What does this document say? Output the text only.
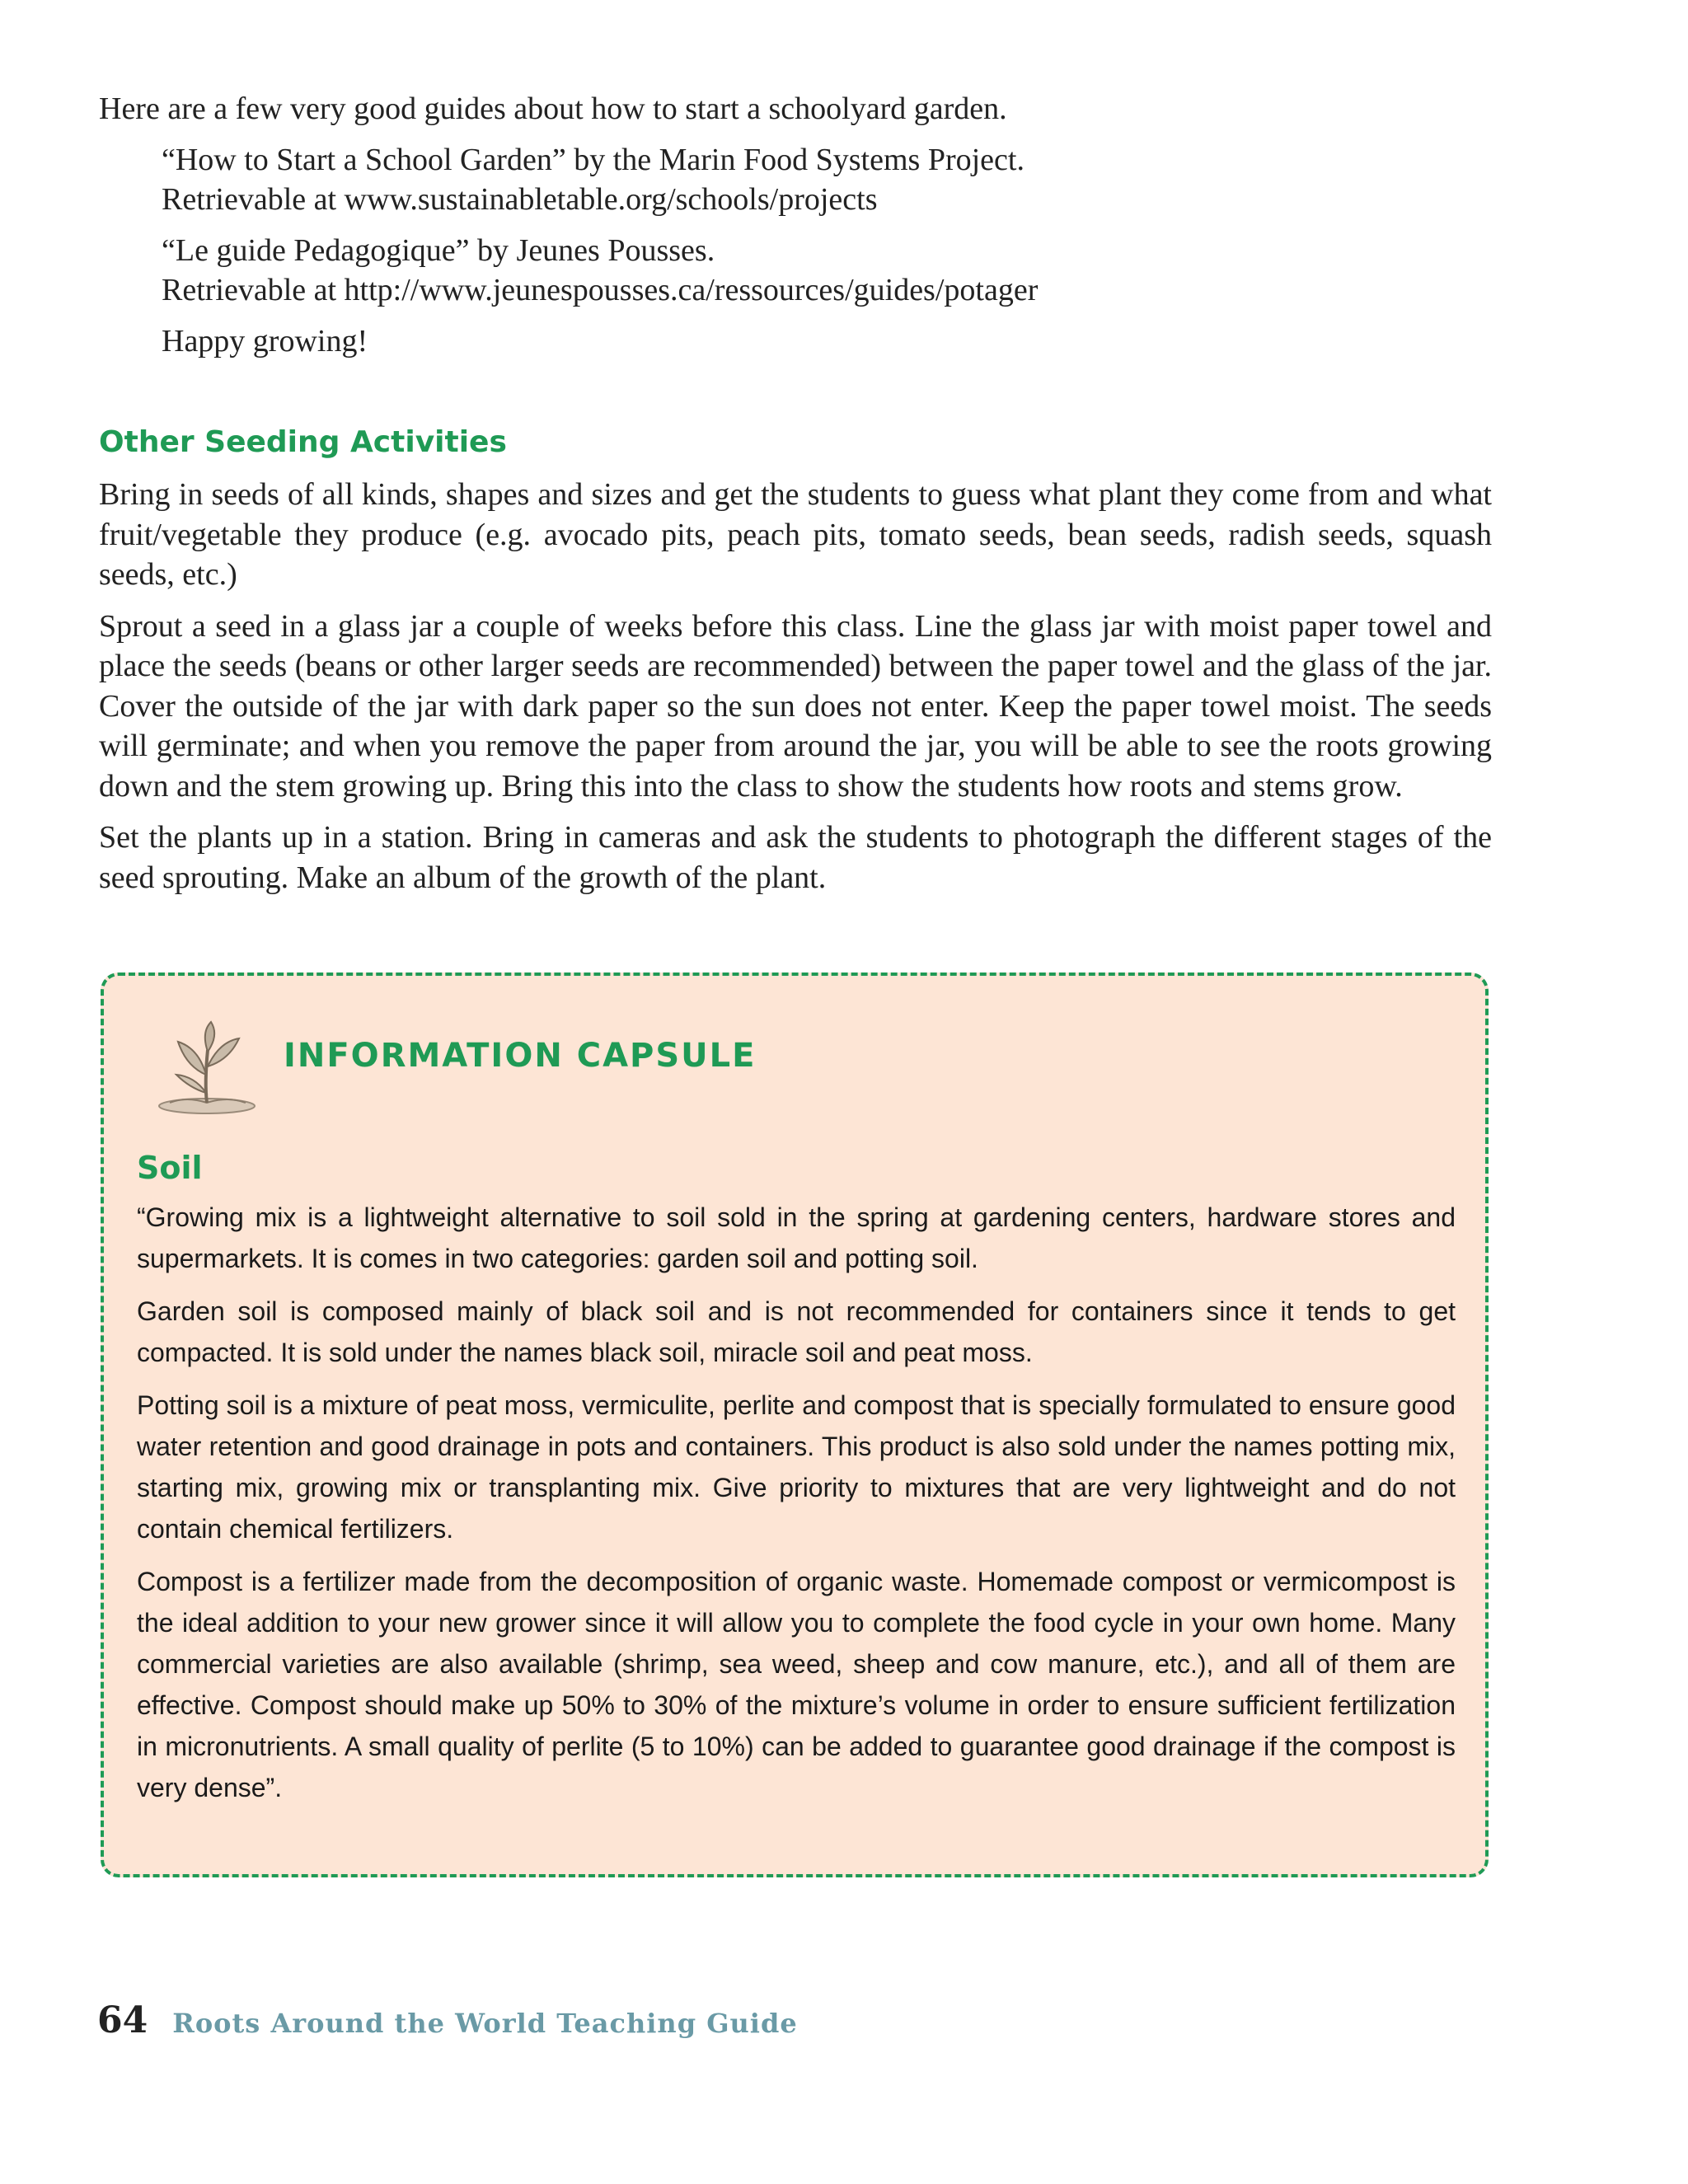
Here are a few very good guides about how to start a schoolyard garden.

“How to Start a School Garden” by the Marin Food Systems Project.

Retrievable at www.sustainabletable.org/schools/projects

“Le guide Pedagogique” by Jeunes Pousses.

Retrievable at http://www.jeunespousses.ca/ressources/guides/potager

Happy growing!

Other Seeding Activities

Bring in seeds of all kinds, shapes and sizes and get the students to guess what plant they come from and what fruit/vegetable they produce (e.g. avocado pits, peach pits, tomato seeds, bean seeds, radish seeds, squash seeds, etc.)

Sprout a seed in a glass jar a couple of weeks before this class. Line the glass jar with moist paper towel and place the seeds (beans or other larger seeds are recommended) between the paper towel and the glass of the jar. Cover the outside of the jar with dark paper so the sun does not enter. Keep the paper towel moist. The seeds will germinate; and when you remove the paper from around the jar, you will be able to see the roots growing down and the stem growing up. Bring this into the class to show the students how roots and stems grow.

Set the plants up in a station. Bring in cameras and ask the students to photograph the different stages of the seed sprouting. Make an album of the growth of the plant.

INFORMATION CAPSULE
Soil

“Growing mix is a lightweight alternative to soil sold in the spring at gardening centers, hardware stores and supermarkets. It is comes in two categories: garden soil and potting soil.

Garden soil is composed mainly of black soil and is not recommended for containers since it tends to get compacted. It is sold under the names black soil, miracle soil and peat moss.

Potting soil is a mixture of peat moss, vermiculite, perlite and compost that is specially formulated to ensure good water retention and good drainage in pots and containers. This product is also sold under the names potting mix, starting mix, growing mix or transplanting mix. Give priority to mixtures that are very lightweight and do not contain chemical fertilizers.

Compost is a fertilizer made from the decomposition of organic waste. Homemade compost or vermicompost is the ideal addition to your new grower since it will allow you to complete the food cycle in your own home. Many commercial varieties are also available (shrimp, sea weed, sheep and cow manure, etc.), and all of them are effective. Compost should make up 50% to 30% of the mixture’s volume in order to ensure sufficient fertilization in micronutrients. A small quality of perlite (5 to 10%) can be added to guarantee good drainage if the compost is very dense”.

64 Roots Around the World Teaching Guide
